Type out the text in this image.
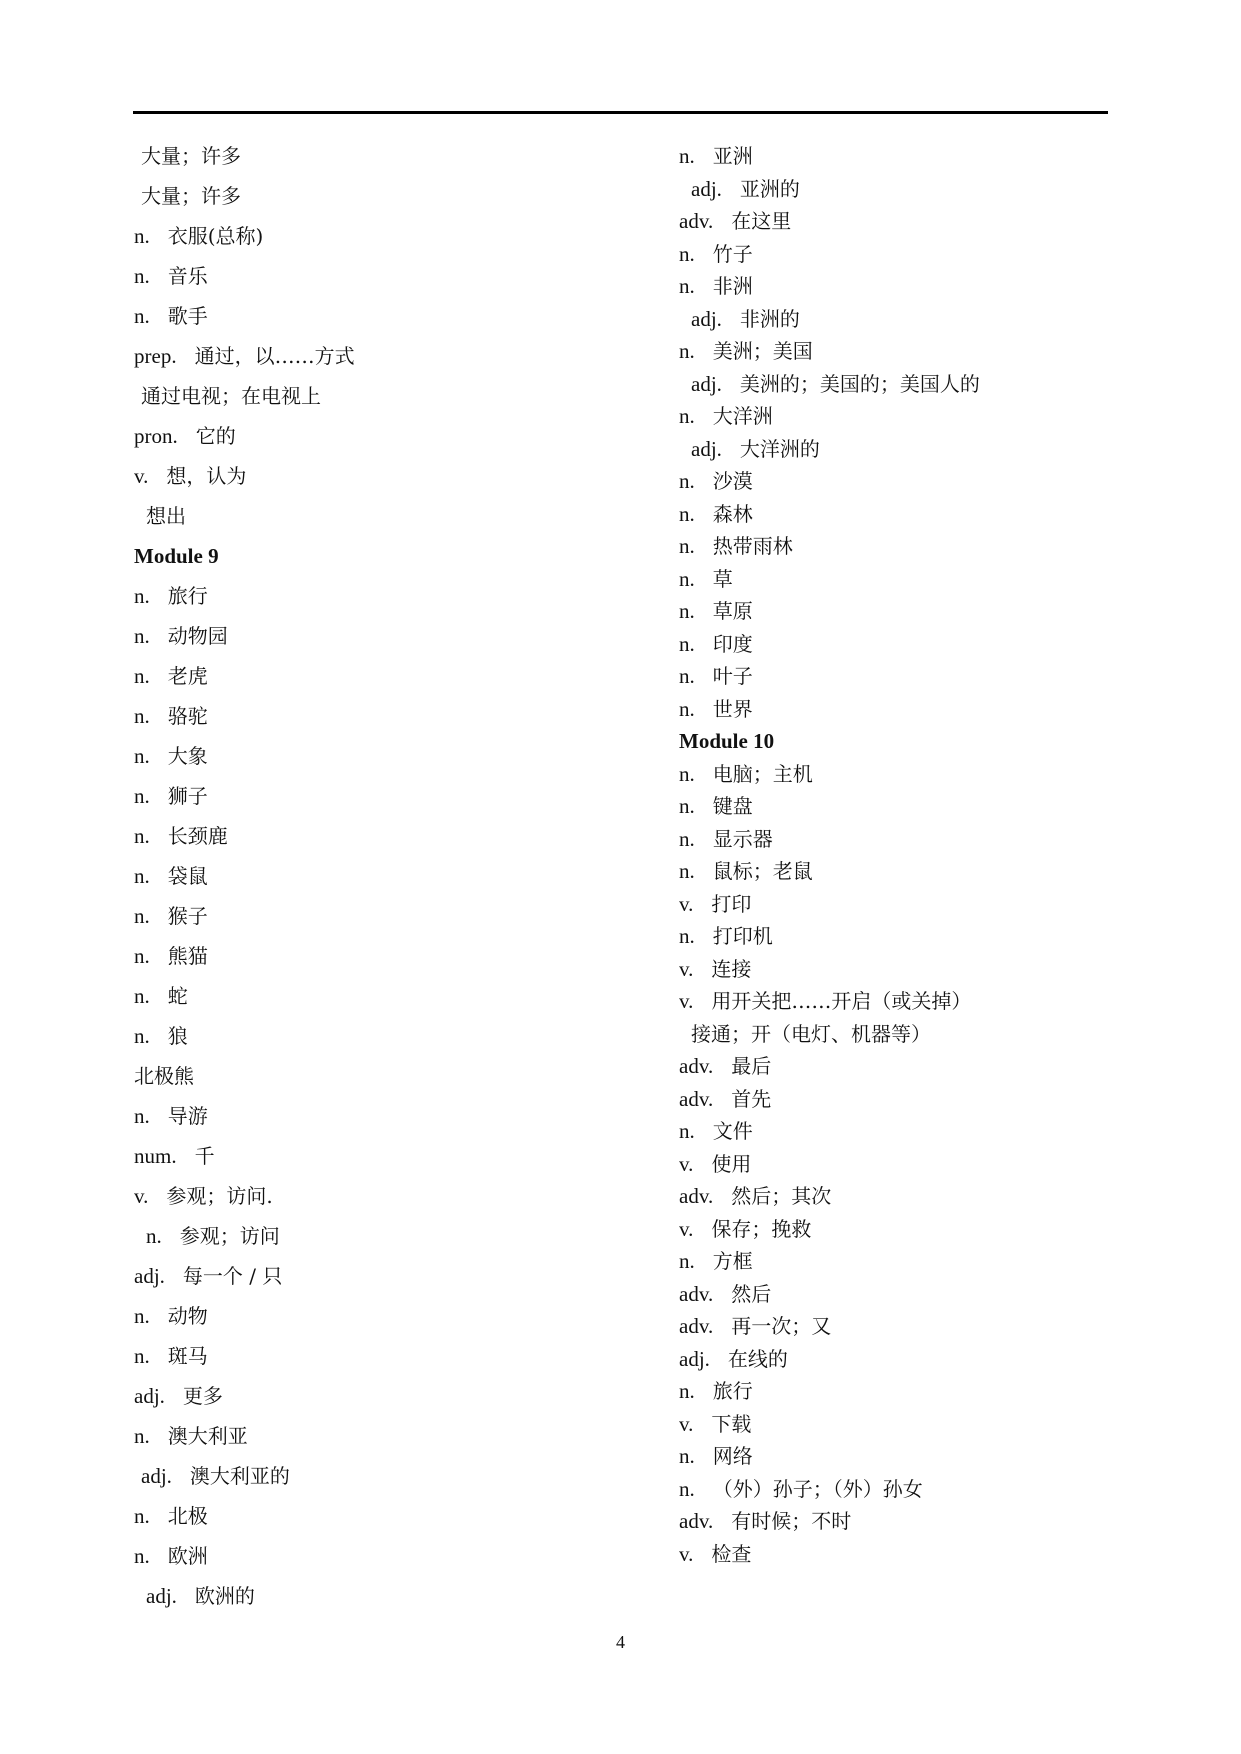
大量；许多
大量；许多
n. 衣服(总称)
n. 音乐
n. 歌手
prep. 通过，以……方式
通过电视；在电视上
pron. 它的
v. 想，认为
想出
Module 9
n. 旅行
n. 动物园
n. 老虎
n. 骆驼
n. 大象
n. 狮子
n. 长颈鹿
n. 袋鼠
n. 猴子
n. 熊猫
n. 蛇
n. 狼
北极熊
n. 导游
num. 千
v. 参观；访问.
n. 参观；访问
adj. 每一个 / 只
n. 动物
n. 斑马
adj. 更多
n. 澳大利亚
adj. 澳大利亚的
n. 北极
n. 欧洲
adj. 欧洲的
n. 亚洲
adj. 亚洲的
adv. 在这里
n. 竹子
n. 非洲
adj. 非洲的
n. 美洲；美国
adj. 美洲的；美国的；美国人的
n. 大洋洲
adj. 大洋洲的
n. 沙漠
n. 森林
n. 热带雨林
n. 草
n. 草原
n. 印度
n. 叶子
n. 世界
Module 10
n. 电脑；主机
n. 键盘
n. 显示器
n. 鼠标；老鼠
v. 打印
n. 打印机
v. 连接
v. 用开关把……开启（或关掉）
接通；开（电灯、机器等）
adv. 最后
adv. 首先
n. 文件
v. 使用
adv. 然后；其次
v. 保存；挽救
n. 方框
adv. 然后
adv. 再一次；又
adj. 在线的
n. 旅行
v. 下载
n. 网络
n. （外）孙子；（外）孙女
adv. 有时候；不时
v. 检查
4
